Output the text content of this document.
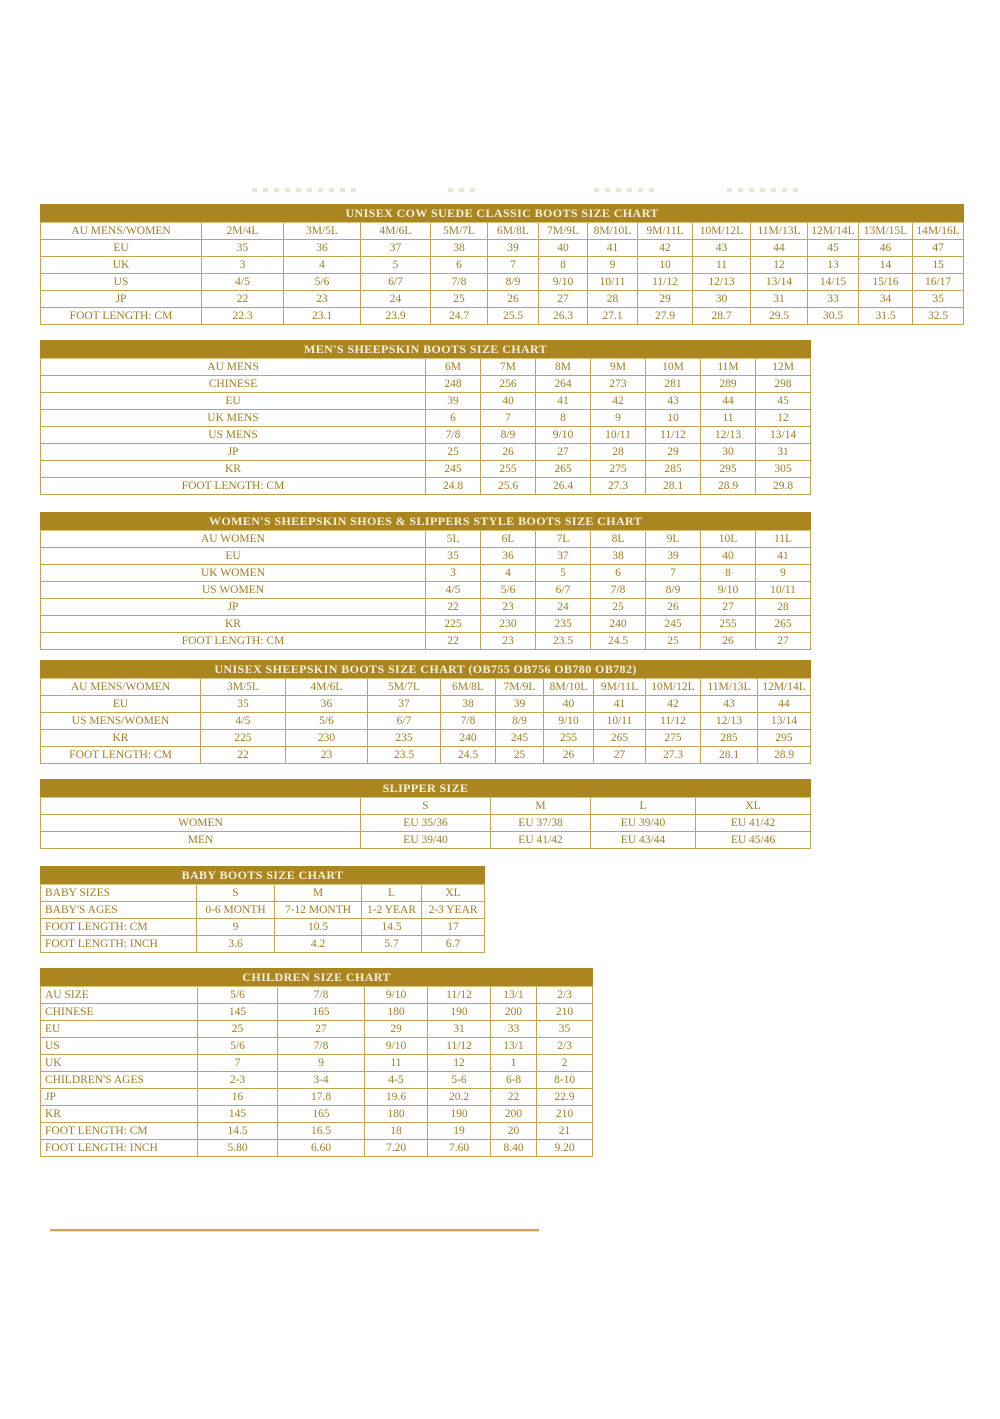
UNISEX COW SUEDE CLASSIC BOOTS SIZE CHART													
AU MENS/WOMEN	2M/4L	3M/5L	4M/6L	5M/7L	6M/8L	7M/9L	8M/10L	9M/11L	10M/12L	11M/13L	12M/14L	13M/15L	14M/16L
EU	35	36	37	38	39	40	41	42	43	44	45	46	47
UK	3	4	5	6	7	8	9	10	11	12	13	14	15
US	4/5	5/6	6/7	7/8	8/9	9/10	10/11	11/12	12/13	13/14	14/15	15/16	16/17
JP	22	23	24	25	26	27	28	29	30	31	33	34	35
FOOT LENGTH: CM	22.3	23.1	23.9	24.7	25.5	26.3	27.1	27.9	28.7	29.5	30.5	31.5	32.5
MEN'S SHEEPSKIN BOOTS SIZE CHART							
AU MENS	6M	7M	8M	9M	10M	11M	12M
CHINESE	248	256	264	273	281	289	298
EU	39	40	41	42	43	44	45
UK MENS	6	7	8	9	10	11	12
US MENS	7/8	8/9	9/10	10/11	11/12	12/13	13/14
JP	25	26	27	28	29	30	31
KR	245	255	265	275	285	295	305
FOOT LENGTH: CM	24.8	25.6	26.4	27.3	28.1	28.9	29.8
WOMEN'S SHEEPSKIN SHOES & SLIPPERS STYLE BOOTS SIZE CHART							
AU WOMEN	5L	6L	7L	8L	9L	10L	11L
EU	35	36	37	38	39	40	41
UK WOMEN	3	4	5	6	7	8	9
US WOMEN	4/5	5/6	6/7	7/8	8/9	9/10	10/11
JP	22	23	24	25	26	27	28
KR	225	230	235	240	245	255	265
FOOT LENGTH: CM	22	23	23.5	24.5	25	26	27
UNISEX SHEEPSKIN BOOTS SIZE CHART (OB755 OB756 OB780 OB782)										
AU MENS/WOMEN	3M/5L	4M/6L	5M/7L	6M/8L	7M/9L	8M/10L	9M/11L	10M/12L	11M/13L	12M/14L
EU	35	36	37	38	39	40	41	42	43	44
US MENS/WOMEN	4/5	5/6	6/7	7/8	8/9	9/10	10/11	11/12	12/13	13/14
KR	225	230	235	240	245	255	265	275	285	295
FOOT LENGTH: CM	22	23	23.5	24.5	25	26	27	27.3	28.1	28.9
SLIPPER SIZE				
	S	M	L	XL
WOMEN	EU 35/36	EU 37/38	EU 39/40	EU 41/42
MEN	EU 39/40	EU 41/42	EU 43/44	EU 45/46
BABY BOOTS SIZE CHART				
BABY SIZES	S	M	L	XL
BABY'S AGES	0-6 MONTH	7-12 MONTH	1-2 YEAR	2-3 YEAR
FOOT LENGTH: CM	9	10.5	14.5	17
FOOT LENGTH: INCH	3.6	4.2	5.7	6.7
CHILDREN SIZE CHART						
AU SIZE	5/6	7/8	9/10	11/12	13/1	2/3
CHINESE	145	165	180	190	200	210
EU	25	27	29	31	33	35
US	5/6	7/8	9/10	11/12	13/1	2/3
UK	7	9	11	12	1	2
CHILDREN'S AGES	2-3	3-4	4-5	5-6	6-8	8-10
JP	16	17.8	19.6	20.2	22	22.9
KR	145	165	180	190	200	210
FOOT LENGTH: CM	14.5	16.5	18	19	20	21
FOOT LENGTH: INCH	5.80	6.60	7.20	7.60	8.40	9.20
